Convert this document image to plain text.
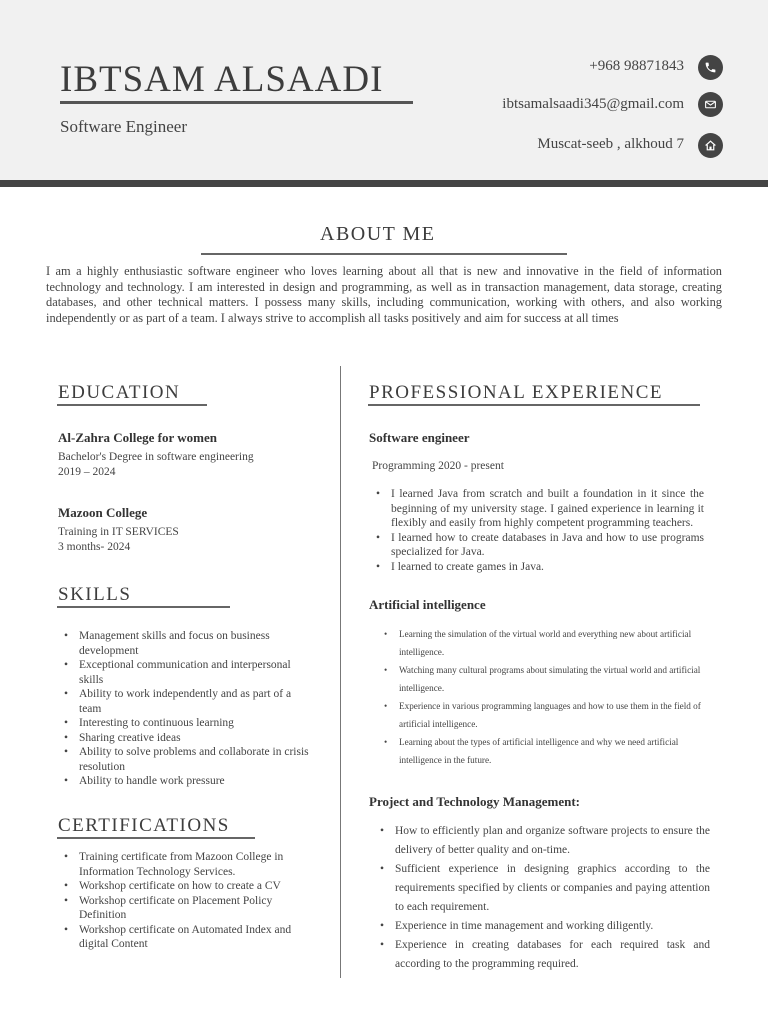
IBTSAM ALSAADI
Software Engineer
+968 98871843
ibtsamalsaadi345@gmail.com
Muscat-seeb , alkhoud 7
ABOUT ME
I am a highly enthusiastic software engineer who loves learning about all that is new and innovative in the field of information technology and technology. I am interested in design and programming, as well as in transaction management, data storage, creating databases, and other technical matters. I possess many skills, including communication, working with others, and also working independently or as part of a team. I always strive to accomplish all tasks positively and aim for success at all times
EDUCATION
Al-Zahra College for women
Bachelor's Degree in software engineering
2019 – 2024
Mazoon College
Training in IT SERVICES
3 months- 2024
SKILLS
• Management skills and focus on business development
• Exceptional communication and interpersonal skills
• Ability to work independently and as part of a team
• Interesting to continuous learning
• Sharing creative ideas
• Ability to solve problems and collaborate in crisis resolution
• Ability to handle work pressure
CERTIFICATIONS
• Training certificate from Mazoon College in Information Technology Services.
• Workshop certificate on how to create a CV
• Workshop certificate on Placement Policy Definition
• Workshop certificate on Automated Index and digital Content
PROFESSIONAL EXPERIENCE
Software engineer
Programming 2020 - present
• I learned Java from scratch and built a foundation in it since the beginning of my university stage. I gained experience in learning it flexibly and easily from highly competent programming teachers.
• I learned how to create databases in Java and how to use programs specialized for Java.
• I learned to create games in Java.
Artificial intelligence
• Learning the simulation of the virtual world and everything new about artificial intelligence.
• Watching many cultural programs about simulating the virtual world and artificial intelligence.
• Experience in various programming languages and how to use them in the field of artificial intelligence.
• Learning about the types of artificial intelligence and why we need artificial intelligence in the future.
Project and Technology Management:
• How to efficiently plan and organize software projects to ensure the delivery of better quality and on-time.
• Sufficient experience in designing graphics according to the requirements specified by clients or companies and paying attention to each requirement.
• Experience in time management and working diligently.
• Experience in creating databases for each required task and according to the programming required.
